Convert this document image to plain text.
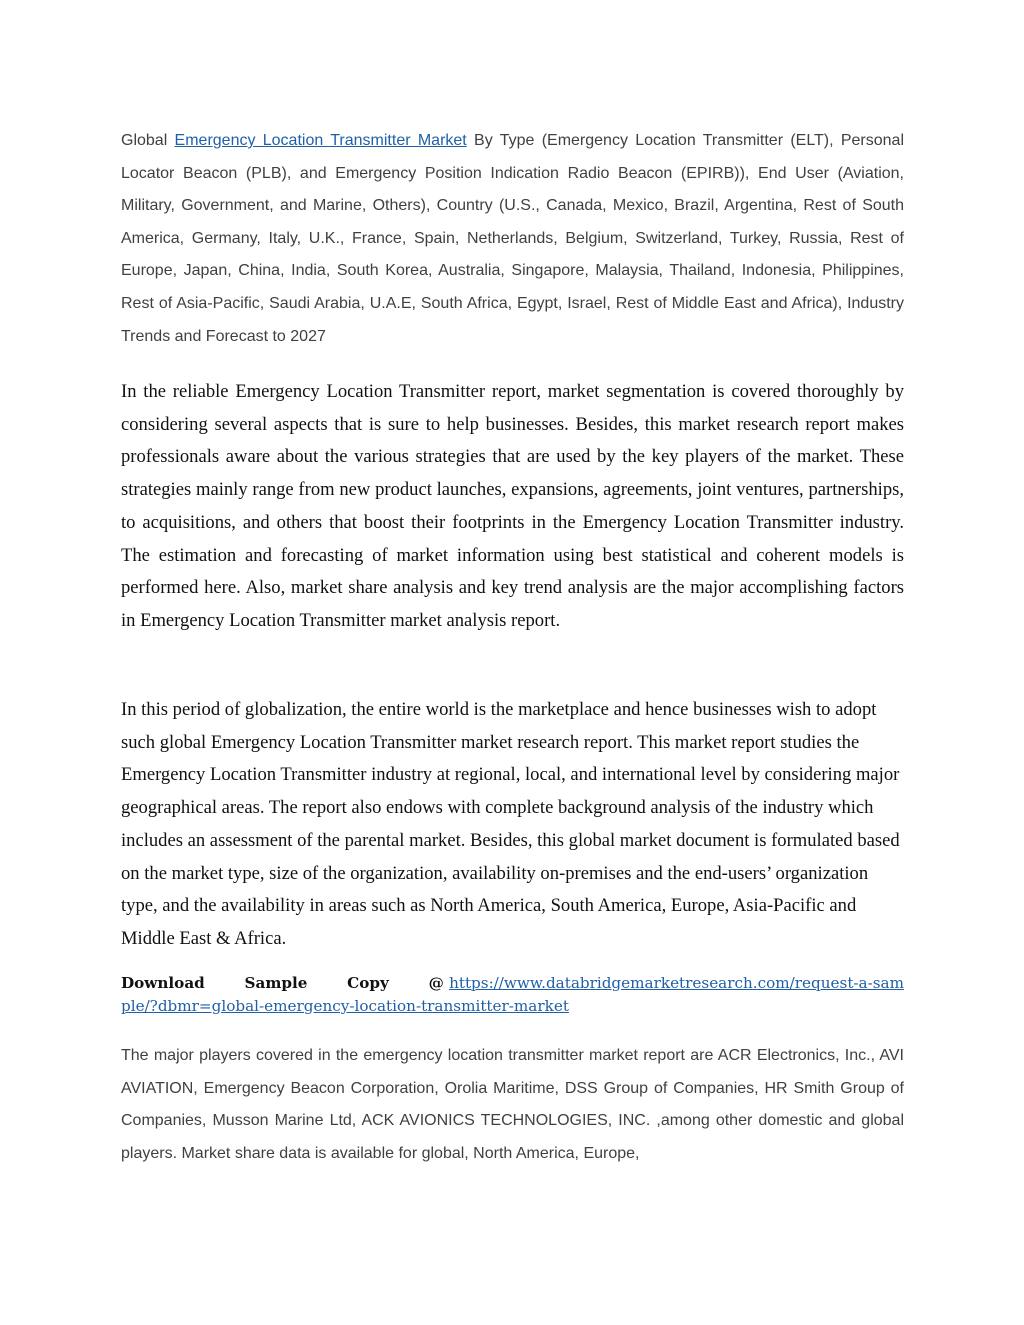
Global Emergency Location Transmitter Market By Type (Emergency Location Transmitter (ELT), Personal Locator Beacon (PLB), and Emergency Position Indication Radio Beacon (EPIRB)), End User (Aviation, Military, Government, and Marine, Others), Country (U.S., Canada, Mexico, Brazil, Argentina, Rest of South America, Germany, Italy, U.K., France, Spain, Netherlands, Belgium, Switzerland, Turkey, Russia, Rest of Europe, Japan, China, India, South Korea, Australia, Singapore, Malaysia, Thailand, Indonesia, Philippines, Rest of Asia-Pacific, Saudi Arabia, U.A.E, South Africa, Egypt, Israel, Rest of Middle East and Africa), Industry Trends and Forecast to 2027

In the reliable Emergency Location Transmitter report, market segmentation is covered thoroughly by considering several aspects that is sure to help businesses. Besides, this market research report makes professionals aware about the various strategies that are used by the key players of the market. These strategies mainly range from new product launches, expansions, agreements, joint ventures, partnerships, to acquisitions, and others that boost their footprints in the Emergency Location Transmitter industry. The estimation and forecasting of market information using best statistical and coherent models is performed here. Also, market share analysis and key trend analysis are the major accomplishing factors in Emergency Location Transmitter market analysis report.

In this period of globalization, the entire world is the marketplace and hence businesses wish to adopt such global Emergency Location Transmitter market research report. This market report studies the Emergency Location Transmitter industry at regional, local, and international level by considering major geographical areas. The report also endows with complete background analysis of the industry which includes an assessment of the parental market. Besides, this global market document is formulated based on the market type, size of the organization, availability on-premises and the end-users’ organization type, and the availability in areas such as North America, South America, Europe, Asia-Pacific and Middle East & Africa.

Download Sample Copy @ https://www.databridgemarketresearch.com/request-a-sample/?dbmr=global-emergency-location-transmitter-market

The major players covered in the emergency location transmitter market report are ACR Electronics, Inc., AVI AVIATION, Emergency Beacon Corporation, Orolia Maritime, DSS Group of Companies, HR Smith Group of Companies, Musson Marine Ltd, ACK AVIONICS TECHNOLOGIES, INC. ,among other domestic and global players. Market share data is available for global, North America, Europe,
